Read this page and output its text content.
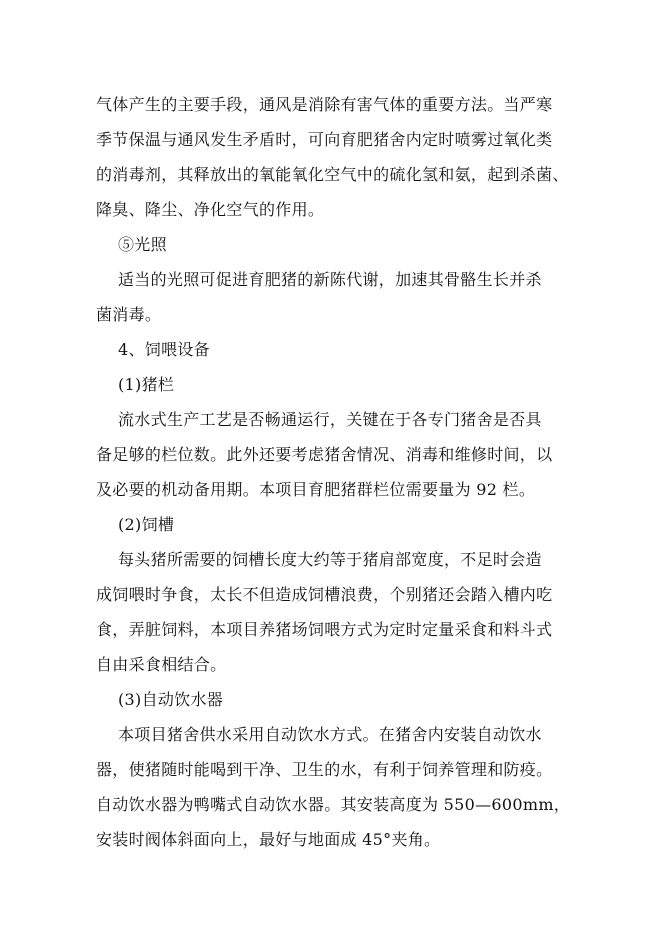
气体产生的主要手段，通风是消除有害气体的重要方法。当严寒
季节保温与通风发生矛盾时，可向育肥猪舍内定时喷雾过氧化类
的消毒剂，其释放出的氧能氧化空气中的硫化氢和氨，起到杀菌、
降臭、降尘、净化空气的作用。
⑤光照
适当的光照可促进育肥猪的新陈代谢，加速其骨骼生长并杀
菌消毒。
4、饲喂设备
(1)猪栏
流水式生产工艺是否畅通运行，关键在于各专门猪舍是否具
备足够的栏位数。此外还要考虑猪舍情况、消毒和维修时间，以
及必要的机动备用期。本项目育肥猪群栏位需要量为 92 栏。
(2)饲槽
每头猪所需要的饲槽长度大约等于猪肩部宽度，不足时会造
成饲喂时争食，太长不但造成饲槽浪费，个别猪还会踏入槽内吃
食，弄脏饲料，本项目养猪场饲喂方式为定时定量采食和料斗式
自由采食相结合。
(3)自动饮水器
本项目猪舍供水采用自动饮水方式。在猪舍内安装自动饮水
器，使猪随时能喝到干净、卫生的水，有利于饲养管理和防疫。
自动饮水器为鸭嘴式自动饮水器。其安装高度为 550—600mm，
安装时阀体斜面向上，最好与地面成 45°夹角。
